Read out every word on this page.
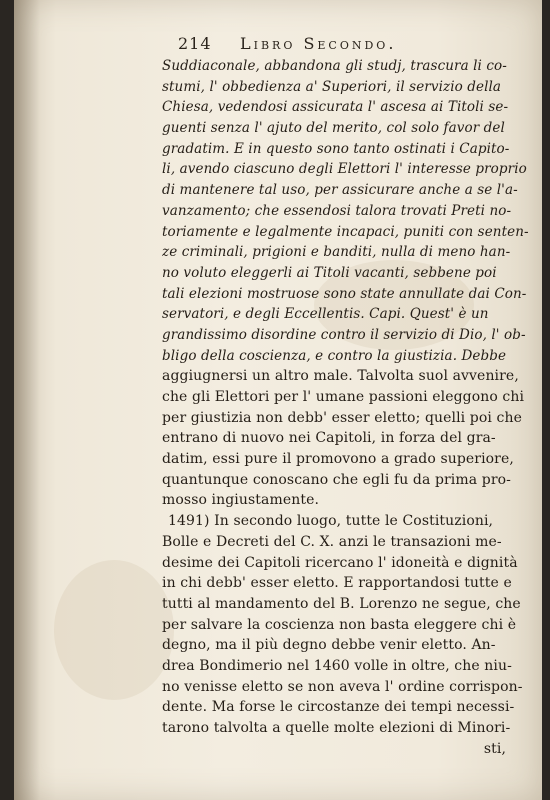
214 Libro Secondo.
Suddiaconale, abbandona gli studj, trascura li co-
stumi, l' obbedienza a' Superiori, il servizio della
Chiesa, vedendosi assicurata l' ascesa ai Titoli se-
guenti senza l' ajuto del merito, col solo favor del
gradatim. E in questo sono tanto ostinati i Capito-
li, avendo ciascuno degli Elettori l' interesse proprio
di mantenere tal uso, per assicurare anche a se l'a-
vanzamento; che essendosi talora trovati Preti no-
toriamente e legalmente incapaci, puniti con senten-
ze criminali, prigioni e banditi, nulla di meno han-
no voluto eleggerli ai Titoli vacanti, sebbene poi
tali elezioni mostruose sono state annullate dai Con-
servatori, e degli Eccellentis. Capi. Quest' è un
grandissimo disordine contro il servizio di Dio, l' ob-
bligo della coscienza, e contro la giustizia. Debbe
aggiugnersi un altro male. Talvolta suol avvenire,
che gli Elettori per l' umane passioni eleggono chi
per giustizia non debb' esser eletto; quelli poi che
entrano di nuovo nei Capitoli, in forza del gra-
datim, essi pure il promovono a grado superiore,
quantunque conoscano che egli fu da prima pro-
mosso ingiustamente.
1491) In secondo luogo, tutte le Costituzioni,
Bolle e Decreti del C. X. anzi le transazioni me-
desime dei Capitoli ricercano l' idoneità e dignità
in chi debb' esser eletto. E rapportandosi tutte e
tutti al mandamento del B. Lorenzo ne segue, che
per salvare la coscienza non basta eleggere chi è
degno, ma il più degno debbe venir eletto. An-
drea Bondimerio nel 1460 volle in oltre, che niu-
no venisse eletto se non aveva l' ordine corrispon-
dente. Ma forse le circostanze dei tempi necessi-
tarono talvolta a quelle molte elezioni di Minori-
sti,
